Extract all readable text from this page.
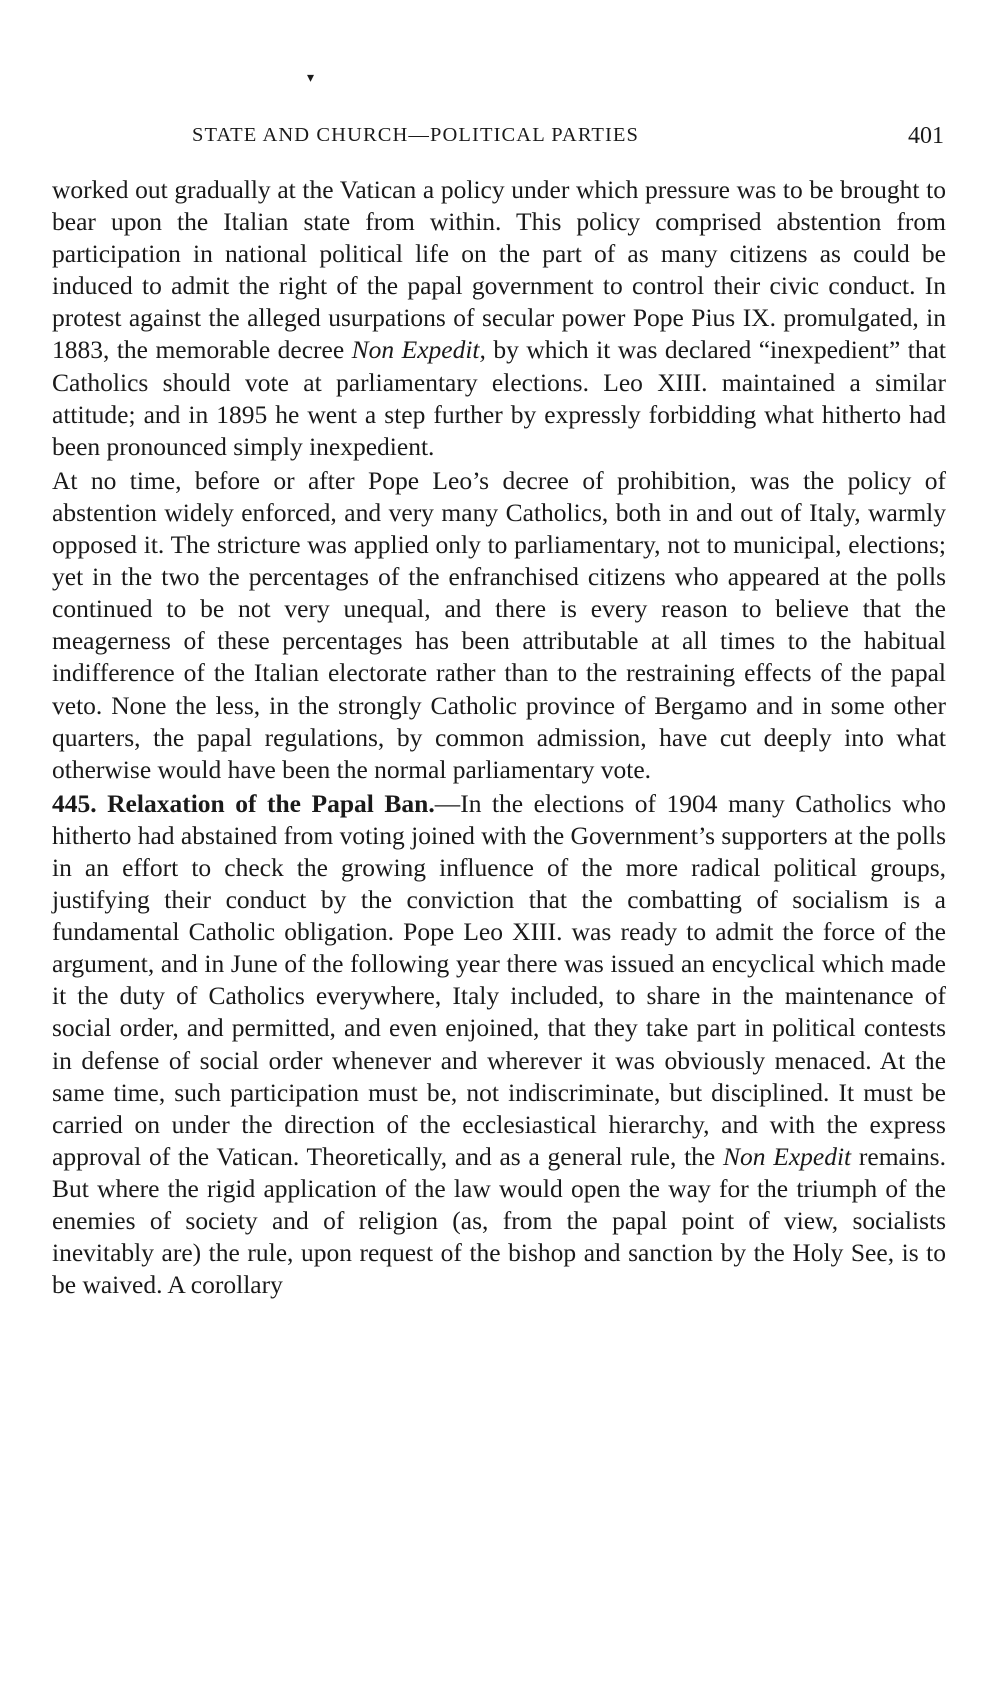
▾
STATE AND CHURCH—POLITICAL PARTIES	401

worked out gradually at the Vatican a policy under which pressure was to be brought to bear upon the Italian state from within. This policy comprised abstention from participation in national political life on the part of as many citizens as could be induced to admit the right of the papal government to control their civic conduct. In protest against the alleged usurpations of secular power Pope Pius IX. promulgated, in 1883, the memorable decree Non Expedit, by which it was declared “inexpedient” that Catholics should vote at parliamentary elections. Leo XIII. maintained a similar attitude; and in 1895 he went a step further by expressly forbidding what hitherto had been pronounced simply inexpedient.

At no time, before or after Pope Leo’s decree of prohibition, was the policy of abstention widely enforced, and very many Catholics, both in and out of Italy, warmly opposed it. The stricture was applied only to parliamentary, not to municipal, elections; yet in the two the percentages of the enfranchised citizens who appeared at the polls continued to be not very unequal, and there is every reason to believe that the meagerness of these percentages has been attributable at all times to the habitual indifference of the Italian electorate rather than to the restraining effects of the papal veto. None the less, in the strongly Catholic province of Bergamo and in some other quarters, the papal regulations, by common admission, have cut deeply into what otherwise would have been the normal parliamentary vote.

445. Relaxation of the Papal Ban.—In the elections of 1904 many Catholics who hitherto had abstained from voting joined with the Government’s supporters at the polls in an effort to check the growing influence of the more radical political groups, justifying their conduct by the conviction that the combatting of socialism is a fundamental Catholic obligation. Pope Leo XIII. was ready to admit the force of the argument, and in June of the following year there was issued an encyclical which made it the duty of Catholics everywhere, Italy included, to share in the maintenance of social order, and permitted, and even enjoined, that they take part in political contests in defense of social order whenever and wherever it was obviously menaced. At the same time, such participation must be, not indiscriminate, but disciplined. It must be carried on under the direction of the ecclesiastical hierarchy, and with the express approval of the Vatican. Theoretically, and as a general rule, the Non Expedit remains. But where the rigid application of the law would open the way for the triumph of the enemies of society and of religion (as, from the papal point of view, socialists inevitably are) the rule, upon request of the bishop and sanction by the Holy See, is to be waived. A corollary
